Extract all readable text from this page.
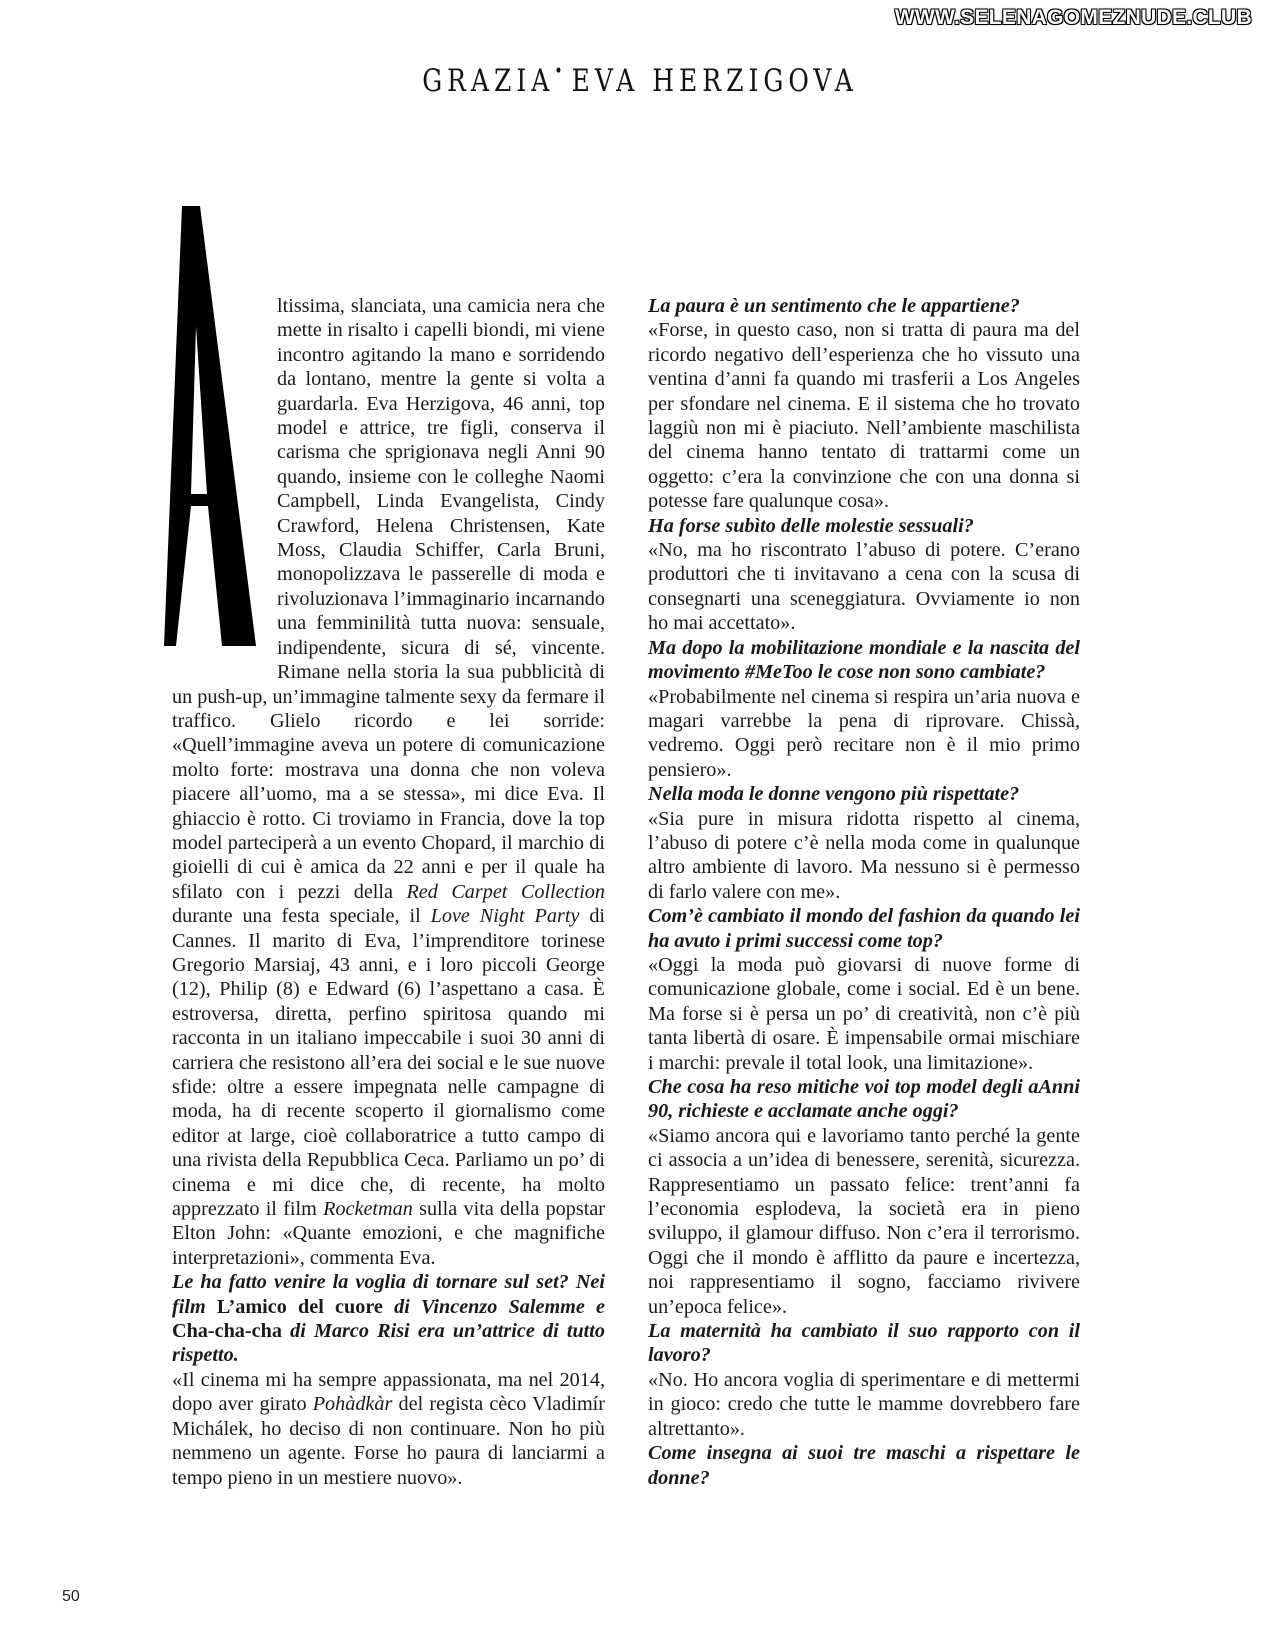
WWW.SELENAGOMEZNUDE.CLUB
GRAZIA• EVA HERZIGOVA

ltissima, slanciata, una camicia nera che mette in risalto i capelli biondi, mi viene incontro agitando la mano e sorridendo da lontano, mentre la gente si volta a guardarla. Eva Herzigova, 46 anni, top model e attrice, tre figli, conserva il carisma che sprigionava negli Anni 90 quando, insieme con le colleghe Naomi Campbell, Linda Evangelista, Cindy Crawford, Helena Christensen, Kate Moss, Claudia Schiffer, Carla Bruni, monopolizzava le passerelle di moda e rivoluzionava l’immaginario incarnando una femminilità tutta nuova: sensuale, indipendente, sicura di sé, vincente. Rimane nella storia la sua pubblicità di un push-up, un’immagine talmente sexy da fermare il traffico. Glielo ricordo e lei sorride: «Quell’immagine aveva un potere di comunicazione molto forte: mostrava una donna che non voleva piacere all’uomo, ma a se stessa», mi dice Eva. Il ghiaccio è rotto. Ci troviamo in Francia, dove la top model parteciperà a un evento Chopard, il marchio di gioielli di cui è amica da 22 anni e per il quale ha sfilato con i pezzi della Red Carpet Collection durante una festa speciale, il Love Night Party di Cannes. Il marito di Eva, l’imprenditore torinese Gregorio Marsiaj, 43 anni, e i loro piccoli George (12), Philip (8) e Edward (6) l’aspettano a casa. È estroversa, diretta, perfino spiritosa quando mi racconta in un italiano impeccabile i suoi 30 anni di carriera che resistono all’era dei social e le sue nuove sfide: oltre a essere impegnata nelle campagne di moda, ha di recente scoperto il giornalismo come editor at large, cioè collaboratrice a tutto campo di una rivista della Repubblica Ceca. Parliamo un po’ di cinema e mi dice che, di recente, ha molto apprezzato il film Rocketman sulla vita della popstar Elton John: «Quante emozioni, e che magnifiche interpretazioni», commenta Eva.

Le ha fatto venire la voglia di tornare sul set? Nei film L’amico del cuore di Vincenzo Salemme e Cha-cha-cha di Marco Risi era un’attrice di tutto rispetto.

«Il cinema mi ha sempre appassionata, ma nel 2014, dopo aver girato Pohàdkàr del regista cèco Vladimír Michálek, ho deciso di non continuare. Non ho più nemmeno un agente. Forse ho paura di lanciarmi a tempo pieno in un mestiere nuovo».

La paura è un sentimento che le appartiene?

«Forse, in questo caso, non si tratta di paura ma del ricordo negativo dell’esperienza che ho vissuto una ventina d’anni fa quando mi trasferii a Los Angeles per sfondare nel cinema. E il sistema che ho trovato laggiù non mi è piaciuto. Nell’ambiente maschilista del cinema hanno tentato di trattarmi come un oggetto: c’era la convinzione che con una donna si potesse fare qualunque cosa».

Ha forse subìto delle molestie sessuali?

«No, ma ho riscontrato l’abuso di potere. C’erano produttori che ti invitavano a cena con la scusa di consegnarti una sceneggiatura. Ovviamente io non ho mai accettato».

Ma dopo la mobilitazione mondiale e la nascita del movimento #MeToo le cose non sono cambiate?

«Probabilmente nel cinema si respira un’aria nuova e magari varrebbe la pena di riprovare. Chissà, vedremo. Oggi però recitare non è il mio primo pensiero».

Nella moda le donne vengono più rispettate?

«Sia pure in misura ridotta rispetto al cinema, l’abuso di potere c’è nella moda come in qualunque altro ambiente di lavoro. Ma nessuno si è permesso di farlo valere con me».

Com’è cambiato il mondo del fashion da quando lei ha avuto i primi successi come top?

«Oggi la moda può giovarsi di nuove forme di comunicazione globale, come i social. Ed è un bene. Ma forse si è persa un po’ di creatività, non c’è più tanta libertà di osare. È impensabile ormai mischiare i marchi: prevale il total look, una limitazione».

Che cosa ha reso mitiche voi top model degli aAnni 90, richieste e acclamate anche oggi?

«Siamo ancora qui e lavoriamo tanto perché la gente ci associa a un’idea di benessere, serenità, sicurezza. Rappresentiamo un passato felice: trent’anni fa l’economia esplodeva, la società era in pieno sviluppo, il glamour diffuso. Non c’era il terrorismo. Oggi che il mondo è afflitto da paure e incertezza, noi rappresentiamo il sogno, facciamo rivivere un’epoca felice».

La maternità ha cambiato il suo rapporto con il lavoro?

«No. Ho ancora voglia di sperimentare e di mettermi in gioco: credo che tutte le mamme dovrebbero fare altrettanto».

Come insegna ai suoi tre maschi a rispettare le donne?

50
